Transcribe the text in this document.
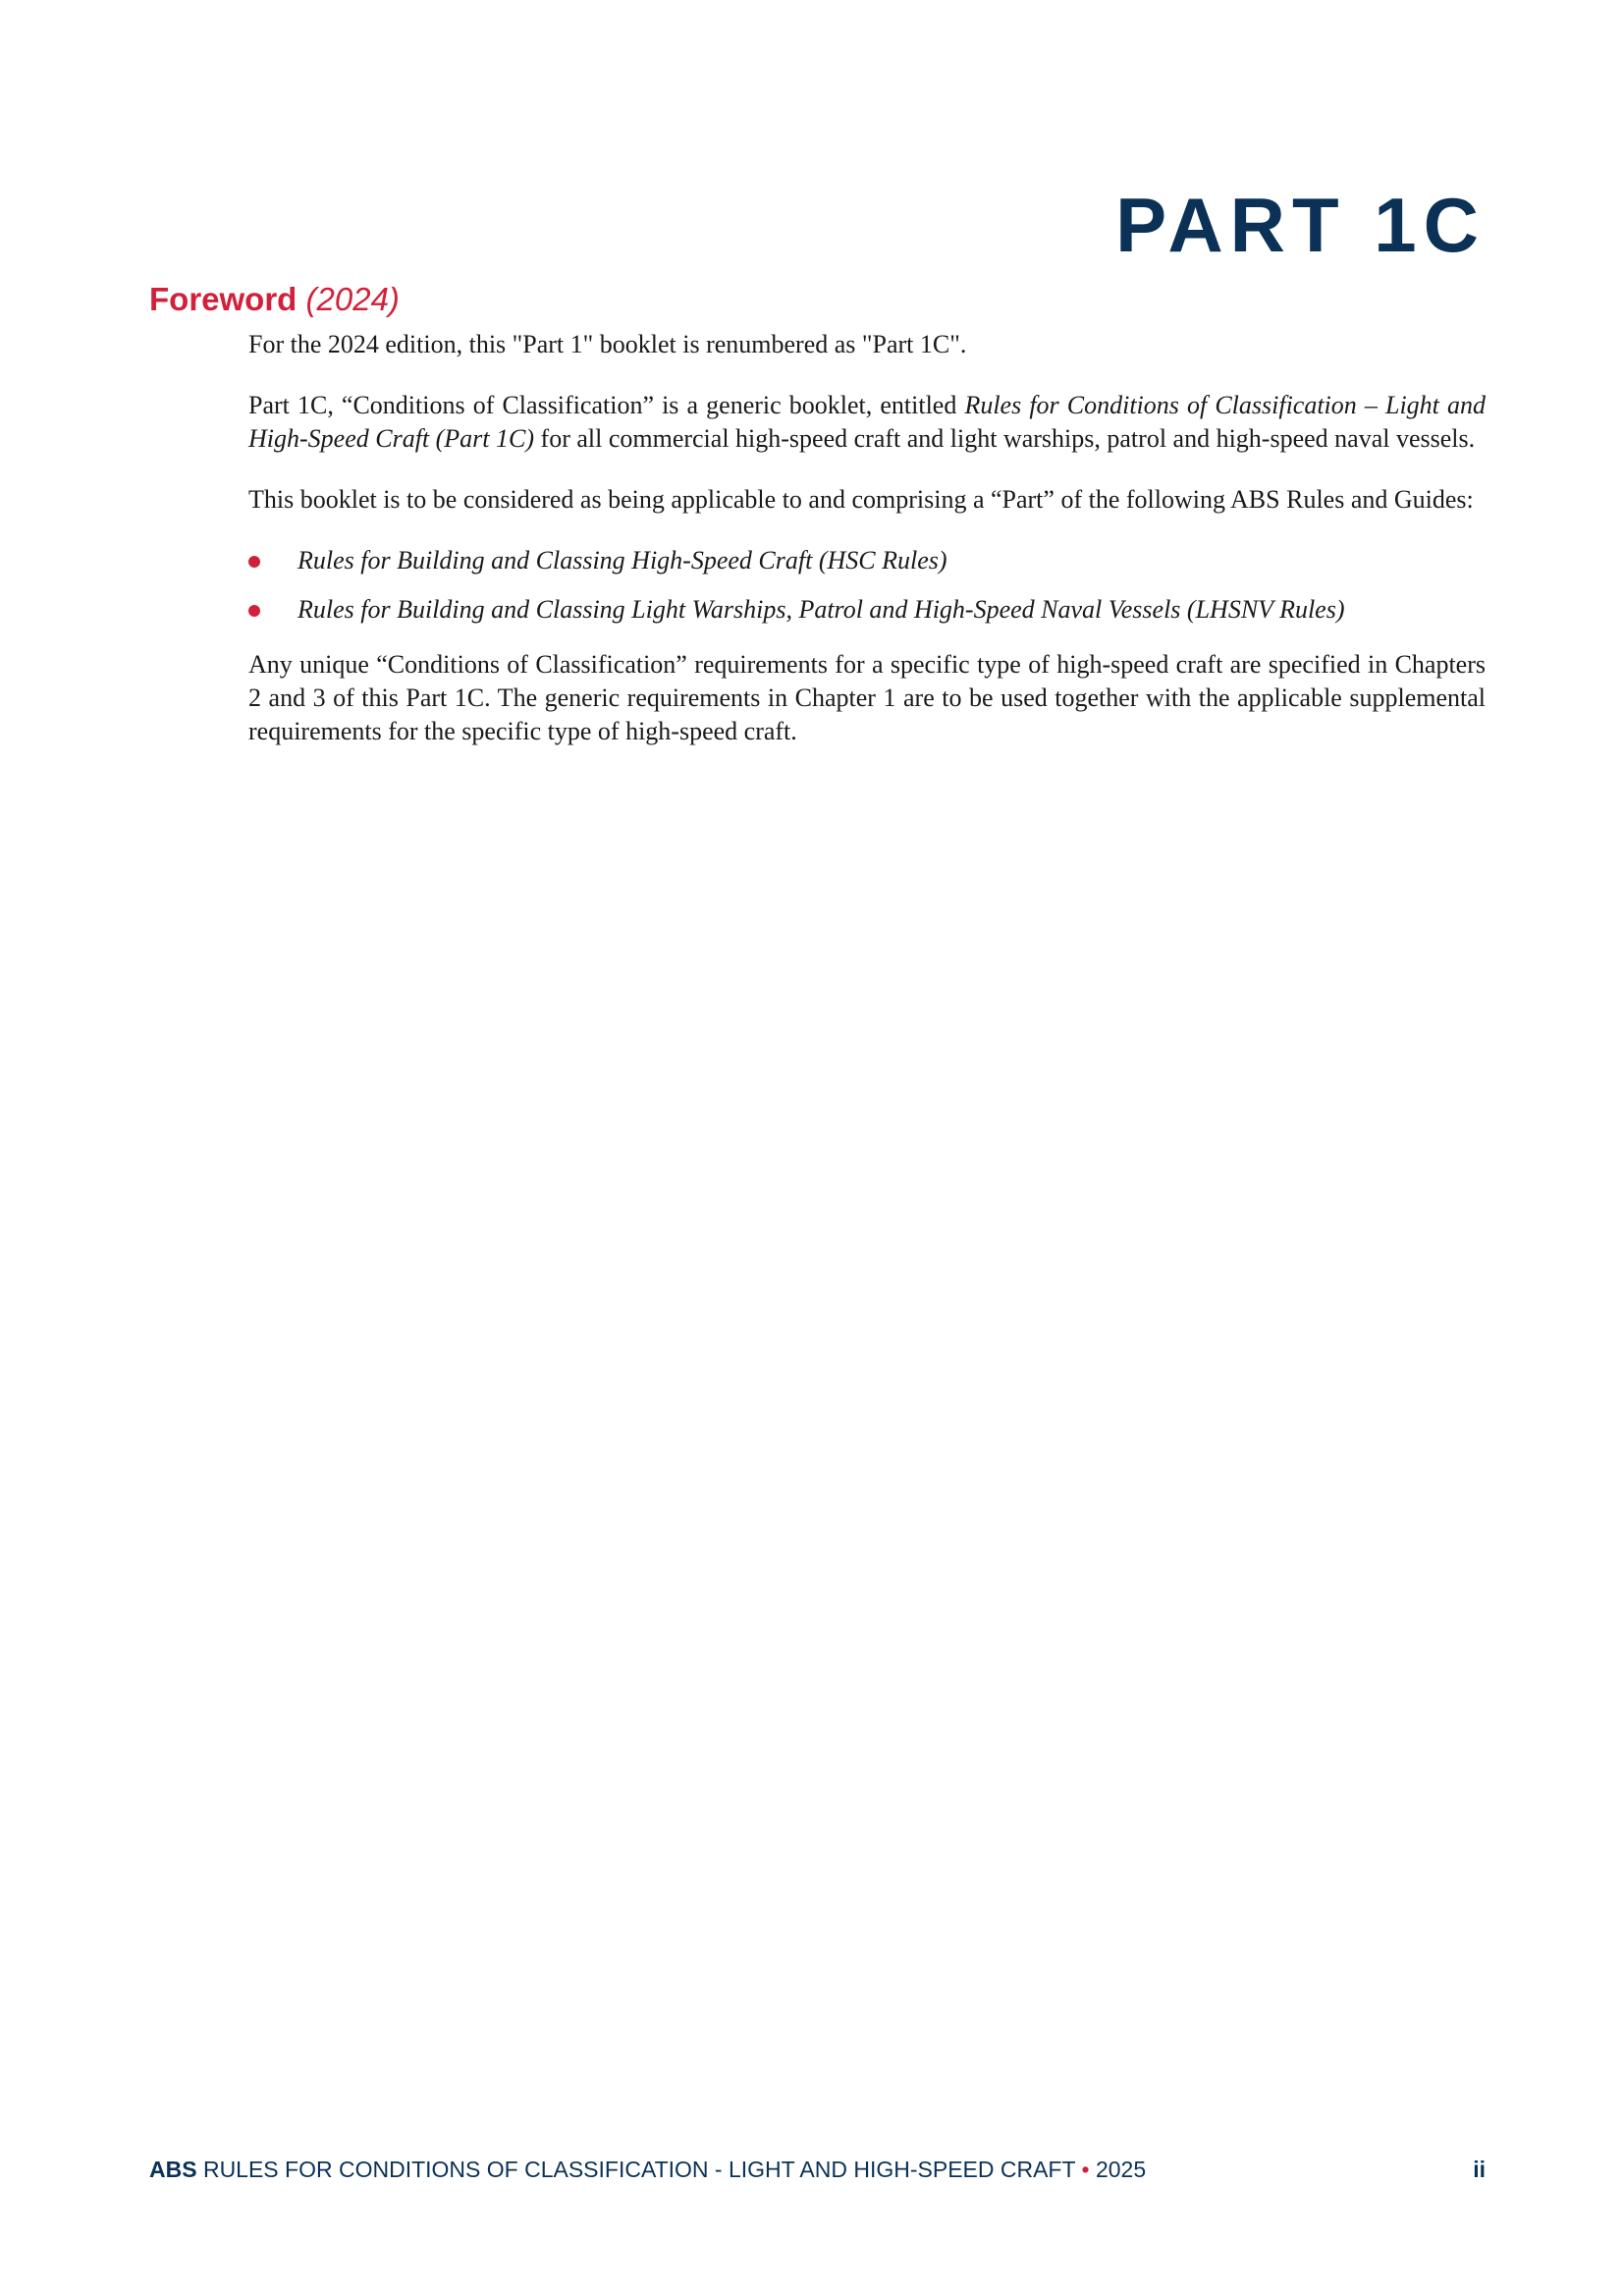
PART 1C
Foreword (2024)

For the 2024 edition, this "Part 1" booklet is renumbered as "Part 1C".

Part 1C, “Conditions of Classification” is a generic booklet, entitled Rules for Conditions of Classification – Light and High-Speed Craft (Part 1C) for all commercial high-speed craft and light warships, patrol and high-speed naval vessels.

This booklet is to be considered as being applicable to and comprising a “Part” of the following ABS Rules and Guides:

Rules for Building and Classing High-Speed Craft (HSC Rules)
Rules for Building and Classing Light Warships, Patrol and High-Speed Naval Vessels (LHSNV Rules)

Any unique “Conditions of Classification” requirements for a specific type of high-speed craft are specified in Chapters 2 and 3 of this Part 1C. The generic requirements in Chapter 1 are to be used together with the applicable supplemental requirements for the specific type of high-speed craft.

ABS RULES FOR CONDITIONS OF CLASSIFICATION - LIGHT AND HIGH-SPEED CRAFT • 2025	ii
